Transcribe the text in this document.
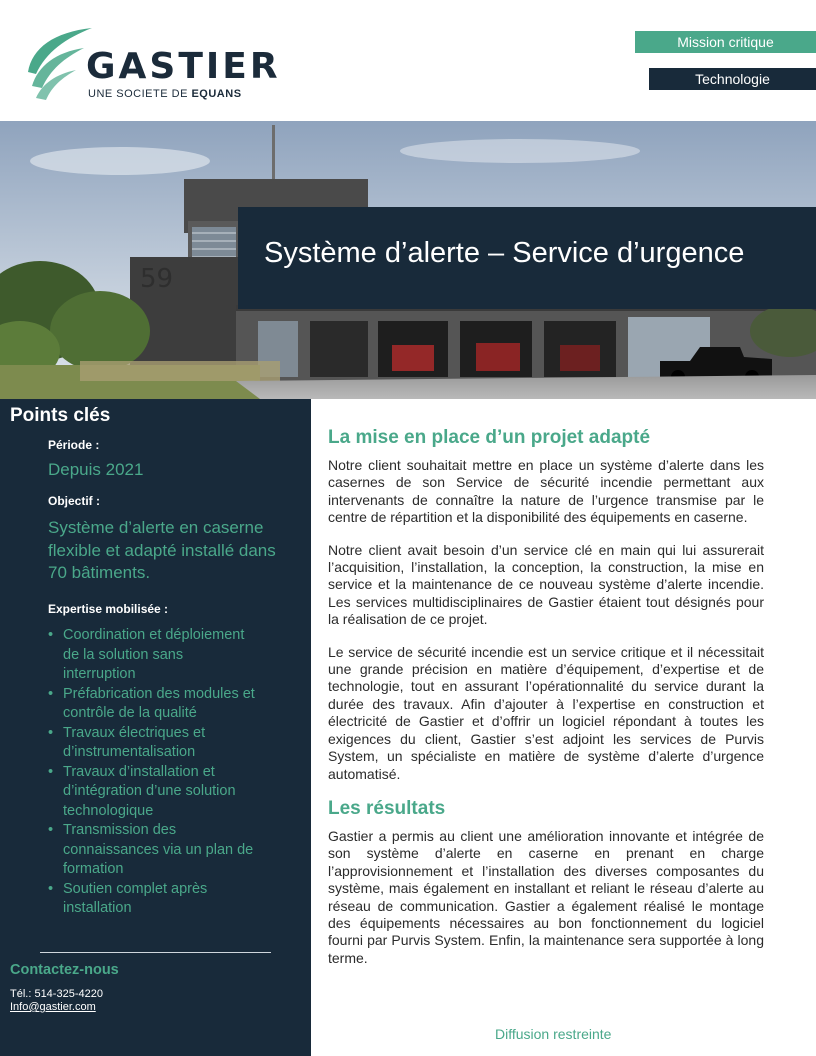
GASTIER
UNE SOCIETE DE EQUANS
Mission critique
Technologie
59
Système d’alerte – Service d’urgence
Points clés
Période :
Depuis 2021
Objectif :
Système d’alerte en caserne flexible et adapté installé dans 70 bâtiments.
Expertise mobilisée :
• Coordination et déploiement de la solution sans interruption
• Préfabrication des modules et contrôle de la qualité
• Travaux électriques et d’instrumentalisation
• Travaux d’installation et d’intégration d’une solution technologique
• Transmission des connaissances via un plan de formation
• Soutien complet après installation
Contactez-nous
Tél.: 514-325-4220
Info@gastier.com
La mise en place d’un projet adapté

Notre client souhaitait mettre en place un système d’alerte dans les casernes de son Service de sécurité incendie permettant aux intervenants de connaître la nature de l’urgence transmise par le centre de répartition et la disponibilité des équipements en caserne.

Notre client avait besoin d’un service clé en main qui lui assurerait l’acquisition, l’installation, la conception, la construction, la mise en service et la maintenance de ce nouveau système d’alerte incendie. Les services multidisciplinaires de Gastier étaient tout désignés pour la réalisation de ce projet.

Le service de sécurité incendie est un service critique et il nécessitait une grande précision en matière d’équipement, d’expertise et de technologie, tout en assurant l’opérationnalité du service durant la durée des travaux. Afin d’ajouter à l’expertise en construction et électricité de Gastier et d’offrir un logiciel répondant à toutes les exigences du client, Gastier s’est adjoint les services de Purvis System, un spécialiste en matière de système d’alerte d’urgence automatisé.

Les résultats

Gastier a permis au client une amélioration innovante et intégrée de son système d’alerte en caserne en prenant en charge l’approvisionnement et l’installation des diverses composantes du système, mais également en installant et reliant le réseau d’alerte au réseau de communication. Gastier a également réalisé le montage des équipements nécessaires au bon fonctionnement du logiciel fourni par Purvis System. Enfin, la maintenance sera supportée à long terme.

Diffusion restreinte
